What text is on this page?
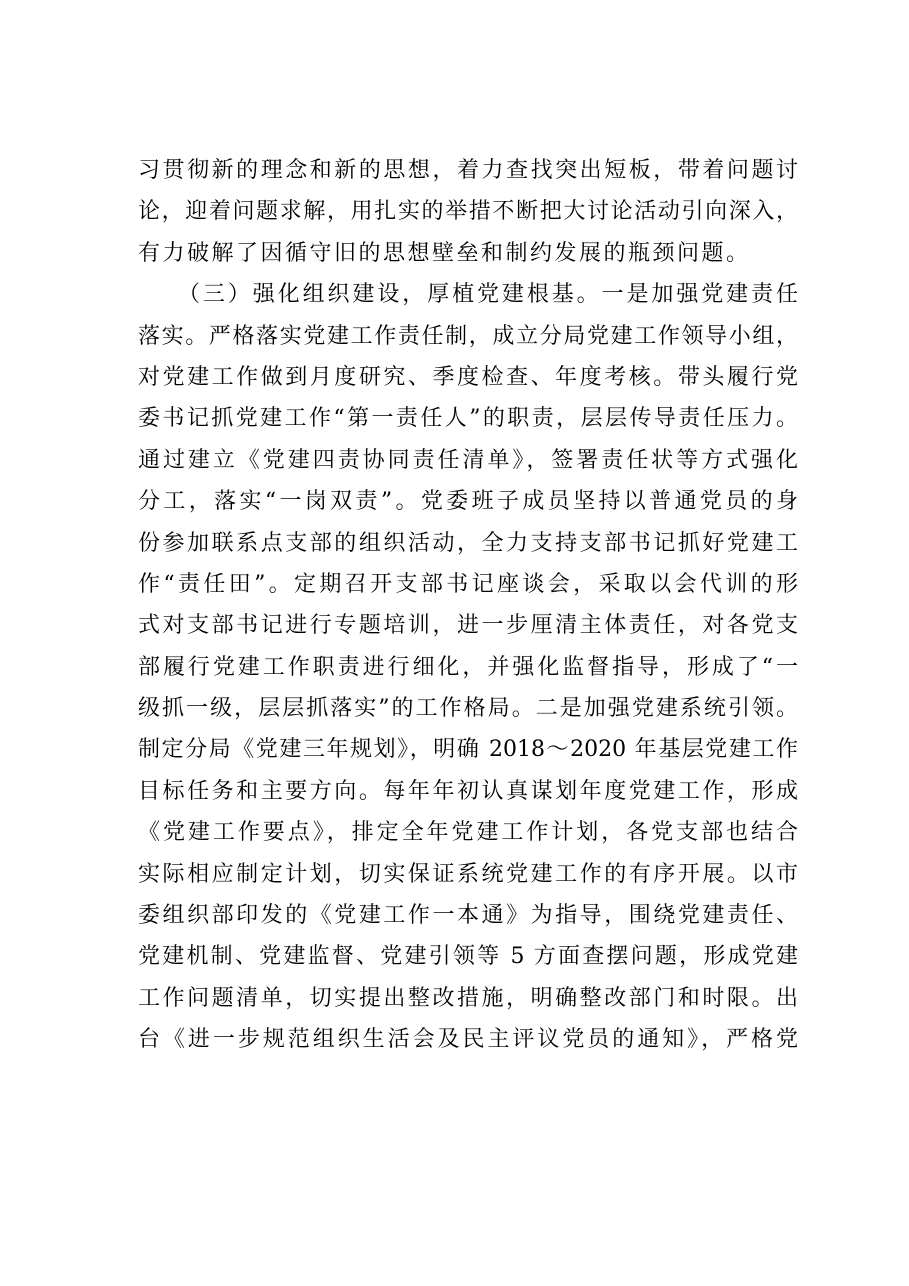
习贯彻新的理念和新的思想，着力查找突出短板，带着问题讨
论，迎着问题求解，用扎实的举措不断把大讨论活动引向深入，
有力破解了因循守旧的思想壁垒和制约发展的瓶颈问题。
（三）强化组织建设，厚植党建根基。一是加强党建责任
落实。严格落实党建工作责任制，成立分局党建工作领导小组，
对党建工作做到月度研究、季度检查、年度考核。带头履行党
委书记抓党建工作“第一责任人”的职责，层层传导责任压力。
通过建立《党建四责协同责任清单》，签署责任状等方式强化
分工，落实“一岗双责”。党委班子成员坚持以普通党员的身
份参加联系点支部的组织活动，全力支持支部书记抓好党建工
作“责任田”。定期召开支部书记座谈会，采取以会代训的形
式对支部书记进行专题培训，进一步厘清主体责任，对各党支
部履行党建工作职责进行细化，并强化监督指导，形成了“一
级抓一级，层层抓落实”的工作格局。二是加强党建系统引领。
制定分局《党建三年规划》，明确 2018～2020 年基层党建工作
目标任务和主要方向。每年年初认真谋划年度党建工作，形成
《党建工作要点》，排定全年党建工作计划，各党支部也结合
实际相应制定计划，切实保证系统党建工作的有序开展。以市
委组织部印发的《党建工作一本通》为指导，围绕党建责任、
党建机制、党建监督、党建引领等 5 方面查摆问题，形成党建
工作问题清单，切实提出整改措施，明确整改部门和时限。出
台《进一步规范组织生活会及民主评议党员的通知》，严格党
